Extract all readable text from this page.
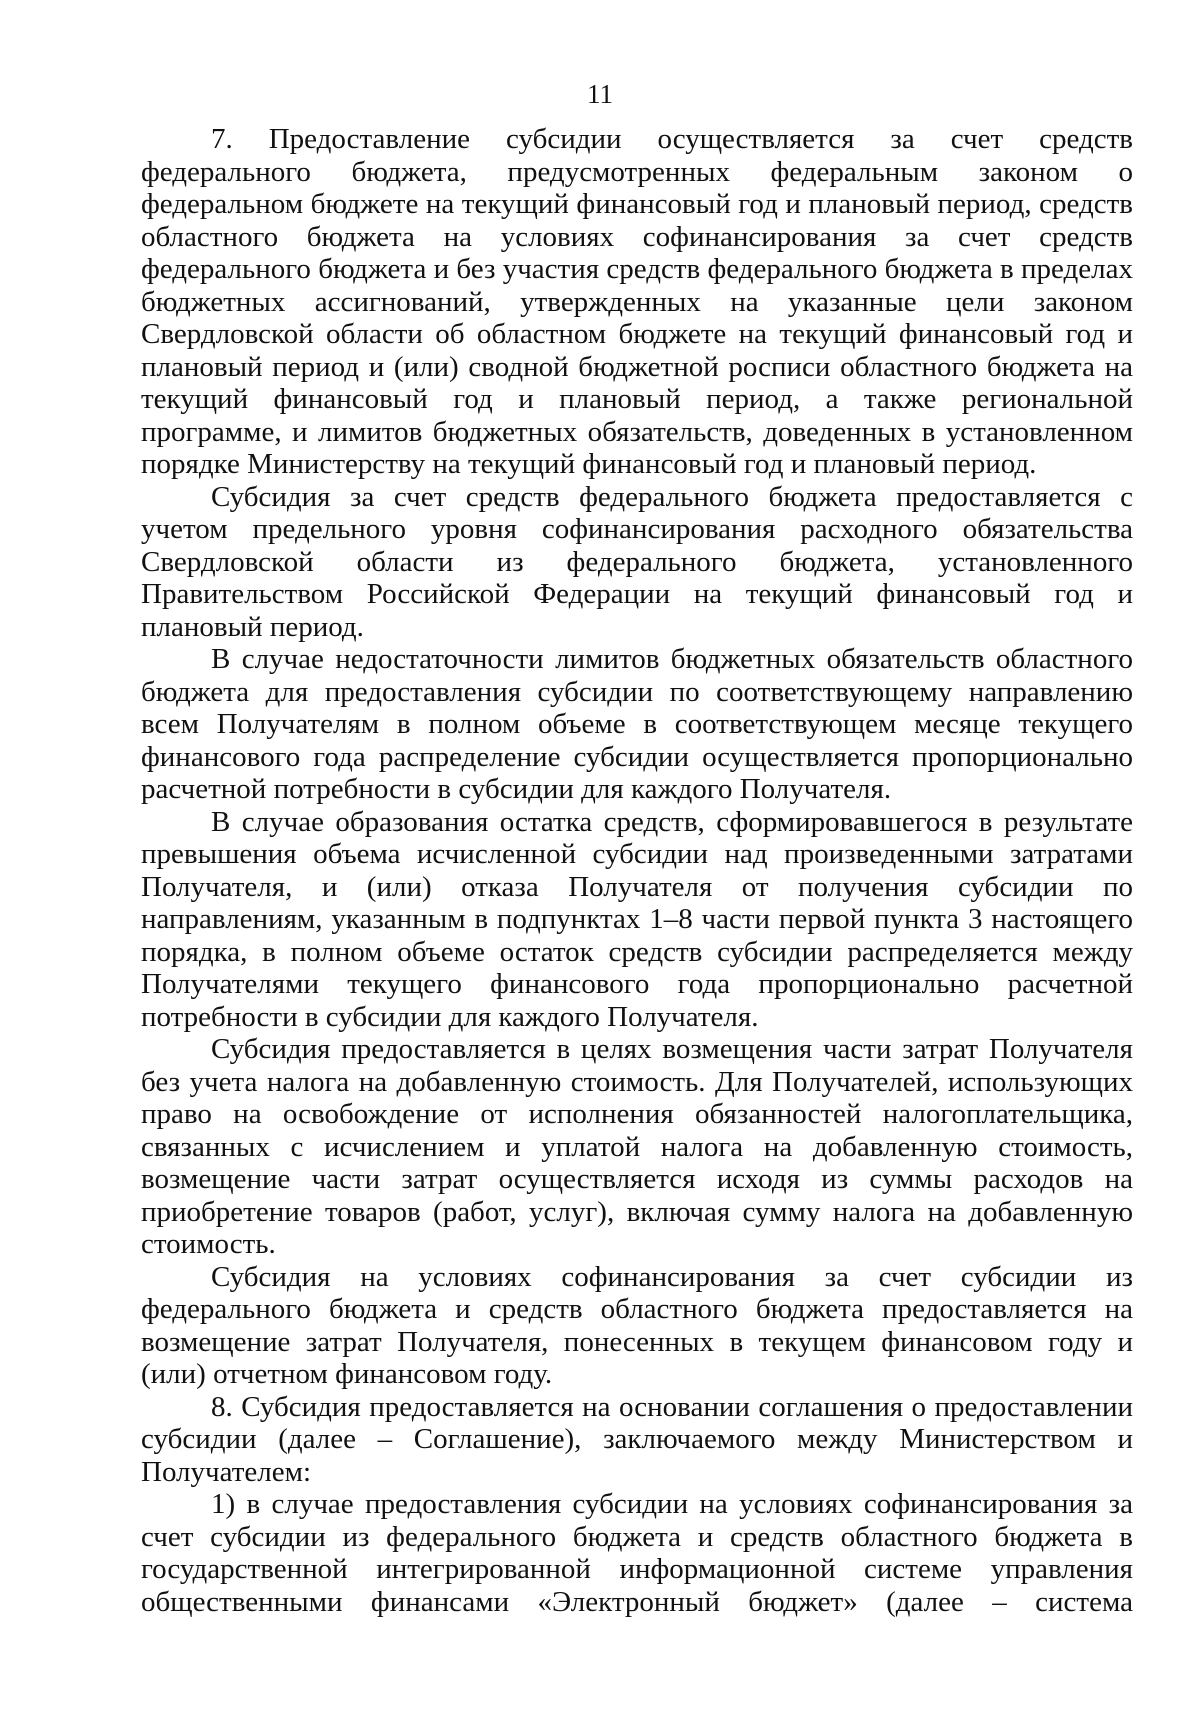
11

7. Предоставление субсидии осуществляется за счет средств федерального бюджета, предусмотренных федеральным законом о федеральном бюджете на текущий финансовый год и плановый период, средств областного бюджета на условиях софинансирования за счет средств федерального бюджета и без участия средств федерального бюджета в пределах бюджетных ассигнований, утвержденных на указанные цели законом Свердловской области об областном бюджете на текущий финансовый год и плановый период и (или) сводной бюджетной росписи областного бюджета на текущий финансовый год и плановый период, а также региональной программе, и лимитов бюджетных обязательств, доведенных в установленном порядке Министерству на текущий финансовый год и плановый период.

Субсидия за счет средств федерального бюджета предоставляется с учетом предельного уровня софинансирования расходного обязательства Свердловской области из федерального бюджета, установленного Правительством Российской Федерации на текущий финансовый год и плановый период.

В случае недостаточности лимитов бюджетных обязательств областного бюджета для предоставления субсидии по соответствующему направлению всем Получателям в полном объеме в соответствующем месяце текущего финансового года распределение субсидии осуществляется пропорционально расчетной потребности в субсидии для каждого Получателя.

В случае образования остатка средств, сформировавшегося в результате превышения объема исчисленной субсидии над произведенными затратами Получателя, и (или) отказа Получателя от получения субсидии по направлениям, указанным в подпунктах 1–8 части первой пункта 3 настоящего порядка, в полном объеме остаток средств субсидии распределяется между Получателями текущего финансового года пропорционально расчетной потребности в субсидии для каждого Получателя.

Субсидия предоставляется в целях возмещения части затрат Получателя без учета налога на добавленную стоимость. Для Получателей, использующих право на освобождение от исполнения обязанностей налогоплательщика, связанных с исчислением и уплатой налога на добавленную стоимость, возмещение части затрат осуществляется исходя из суммы расходов на приобретение товаров (работ, услуг), включая сумму налога на добавленную стоимость.

Субсидия на условиях софинансирования за счет субсидии из федерального бюджета и средств областного бюджета предоставляется на возмещение затрат Получателя, понесенных в текущем финансовом году и (или) отчетном финансовом году.

8. Субсидия предоставляется на основании соглашения о предоставлении субсидии (далее – Соглашение), заключаемого между Министерством и Получателем:

1) в случае предоставления субсидии на условиях софинансирования за счет субсидии из федерального бюджета и средств областного бюджета в государственной интегрированной информационной системе управления общественными финансами «Электронный бюджет» (далее – система
